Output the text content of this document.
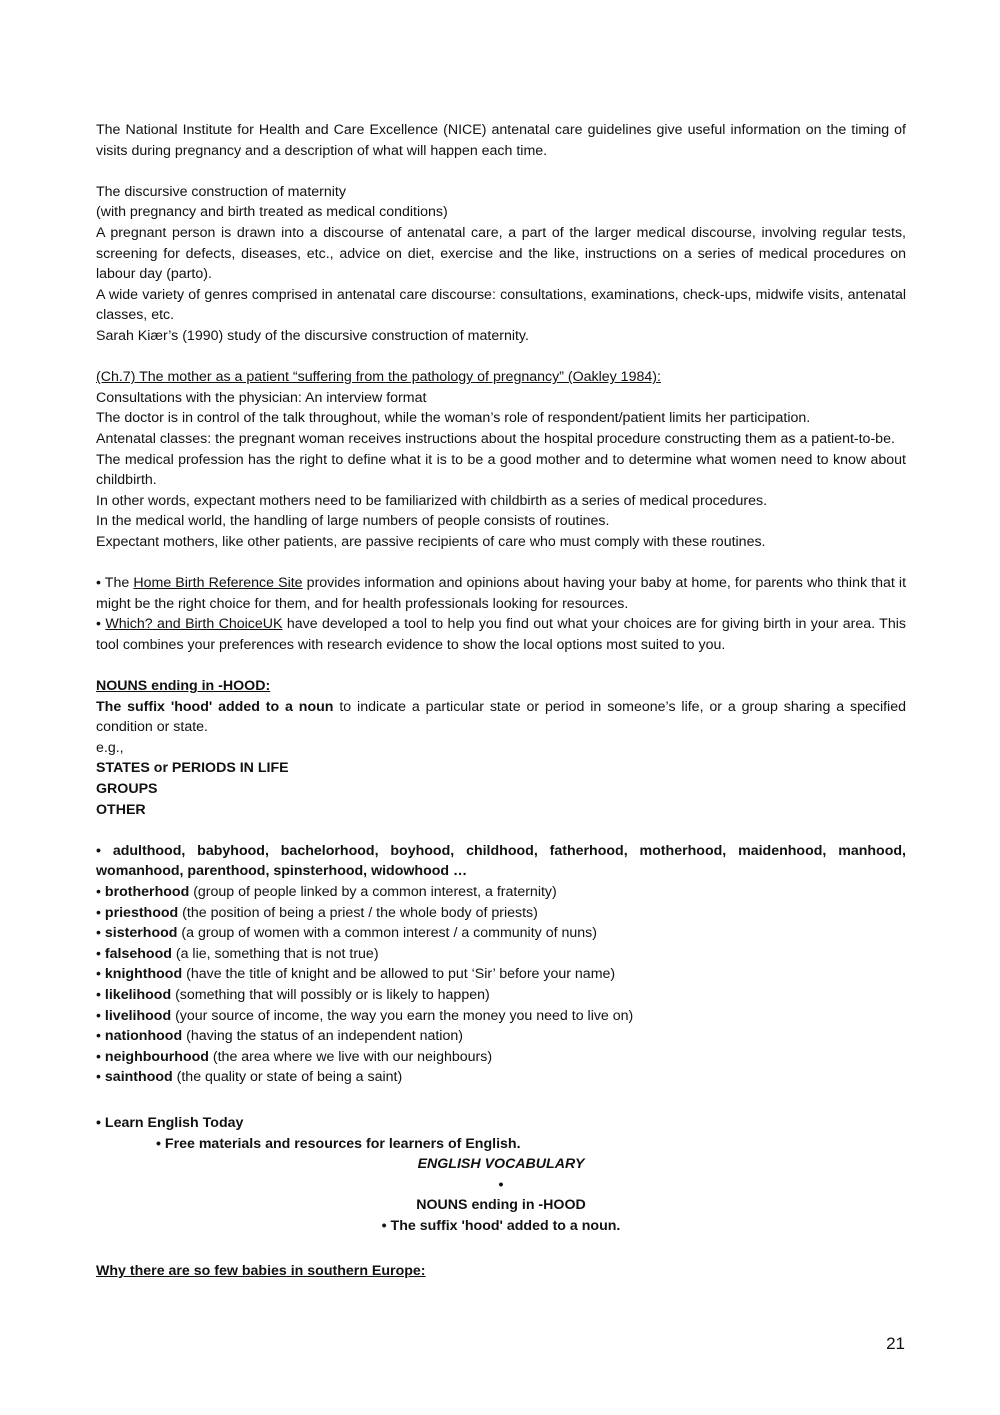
The National Institute for Health and Care Excellence (NICE) antenatal care guidelines give useful information on the timing of visits during pregnancy and a description of what will happen each time.

The discursive construction of maternity

(with pregnancy and birth treated as medical conditions)

A pregnant person is drawn into a discourse of antenatal care, a part of the larger medical discourse, involving regular tests, screening for defects, diseases, etc., advice on diet, exercise and the like, instructions on a series of medical procedures on labour day (parto).

A wide variety of genres comprised in antenatal care discourse: consultations, examinations, check-ups, midwife visits, antenatal classes, etc.

Sarah Kiær’s (1990) study of the discursive construction of maternity.

(Ch.7) The mother as a patient “suffering from the pathology of pregnancy” (Oakley 1984):

Consultations with the physician: An interview format

The doctor is in control of the talk throughout, while the woman’s role of respondent/patient limits her participation.

Antenatal classes: the pregnant woman receives instructions about the hospital procedure constructing them as a patient-to-be.

The medical profession has the right to define what it is to be a good mother and to determine what women need to know about childbirth.

In other words, expectant mothers need to be familiarized with childbirth as a series of medical procedures.

In the medical world, the handling of large numbers of people consists of routines.

Expectant mothers, like other patients, are passive recipients of care who must comply with these routines.

• The Home Birth Reference Site provides information and opinions about having your baby at home, for parents who think that it might be the right choice for them, and for health professionals looking for resources.

• Which? and Birth ChoiceUK have developed a tool to help you find out what your choices are for giving birth in your area. This tool combines your preferences with research evidence to show the local options most suited to you.

NOUNS ending in -HOOD:

The suffix 'hood' added to a noun to indicate a particular state or period in someone’s life, or a group sharing a specified condition or state.

e.g.,

STATES or PERIODS IN LIFE

GROUPS

OTHER

• adulthood, babyhood, bachelorhood, boyhood, childhood, fatherhood, motherhood, maidenhood, manhood, womanhood, parenthood, spinsterhood, widowhood …

• brotherhood (group of people linked by a common interest, a fraternity)

• priesthood (the position of being a priest / the whole body of priests)

• sisterhood (a group of women with a common interest / a community of nuns)

• falsehood (a lie, something that is not true)

• knighthood (have the title of knight and be allowed to put ‘Sir’ before your name)

• likelihood (something that will possibly or is likely to happen)

• livelihood (your source of income, the way you earn the money you need to live on)

• nationhood (having the status of an independent nation)

• neighbourhood (the area where we live with our neighbours)

• sainthood (the quality or state of being a saint)

• Learn English Today

• Free materials and resources for learners of English.

ENGLISH VOCABULARY

•

NOUNS ending in -HOOD

• The suffix 'hood' added to a noun.

Why there are so few babies in southern Europe:

21
